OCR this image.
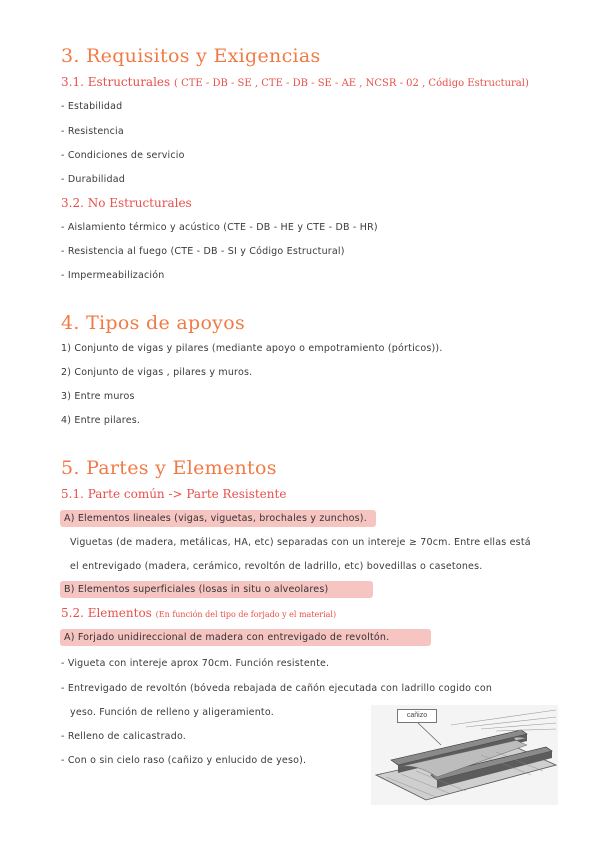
3. Requisitos y Exigencias
3.1. Estructurales ( CTE - DB - SE , CTE - DB - SE - AE , NCSR - 02 , Código Estructural)
- Estabilidad
- Resistencia
- Condiciones de servicio
- Durabilidad
3.2. No Estructurales
- Aislamiento térmico y acústico (CTE - DB - HE y CTE - DB - HR)
- Resistencia al fuego (CTE - DB - SI y Código Estructural)
- Impermeabilización
4. Tipos de apoyos
1) Conjunto de vigas y pilares (mediante apoyo o empotramiento (pórticos)).
2) Conjunto de vigas , pilares y muros.
3) Entre muros
4) Entre pilares.
5. Partes y Elementos
5.1. Parte común -> Parte Resistente
A) Elementos lineales (vigas, viguetas, brochales y zunchos).
Viguetas (de madera, metálicas, HA, etc) separadas con un intereje ≥ 70cm. Entre ellas está
el entrevigado (madera, cerámico, revoltón de ladrillo, etc) bovedillas o casetones.
B) Elementos superficiales (losas in situ o alveolares)
5.2. Elementos (En función del tipo de forjado y el material)
A) Forjado unidireccional de madera con entrevigado de revoltón.
- Vigueta con intereje aprox 70cm. Función resistente.
- Entrevigado de revoltón (bóveda rebajada de cañón ejecutada con ladrillo cogido con
yeso. Función de relleno y aligeramiento.
- Relleno de calicastrado.
- Con o sin cielo raso (cañizo y enlucido de yeso).
cañizo
